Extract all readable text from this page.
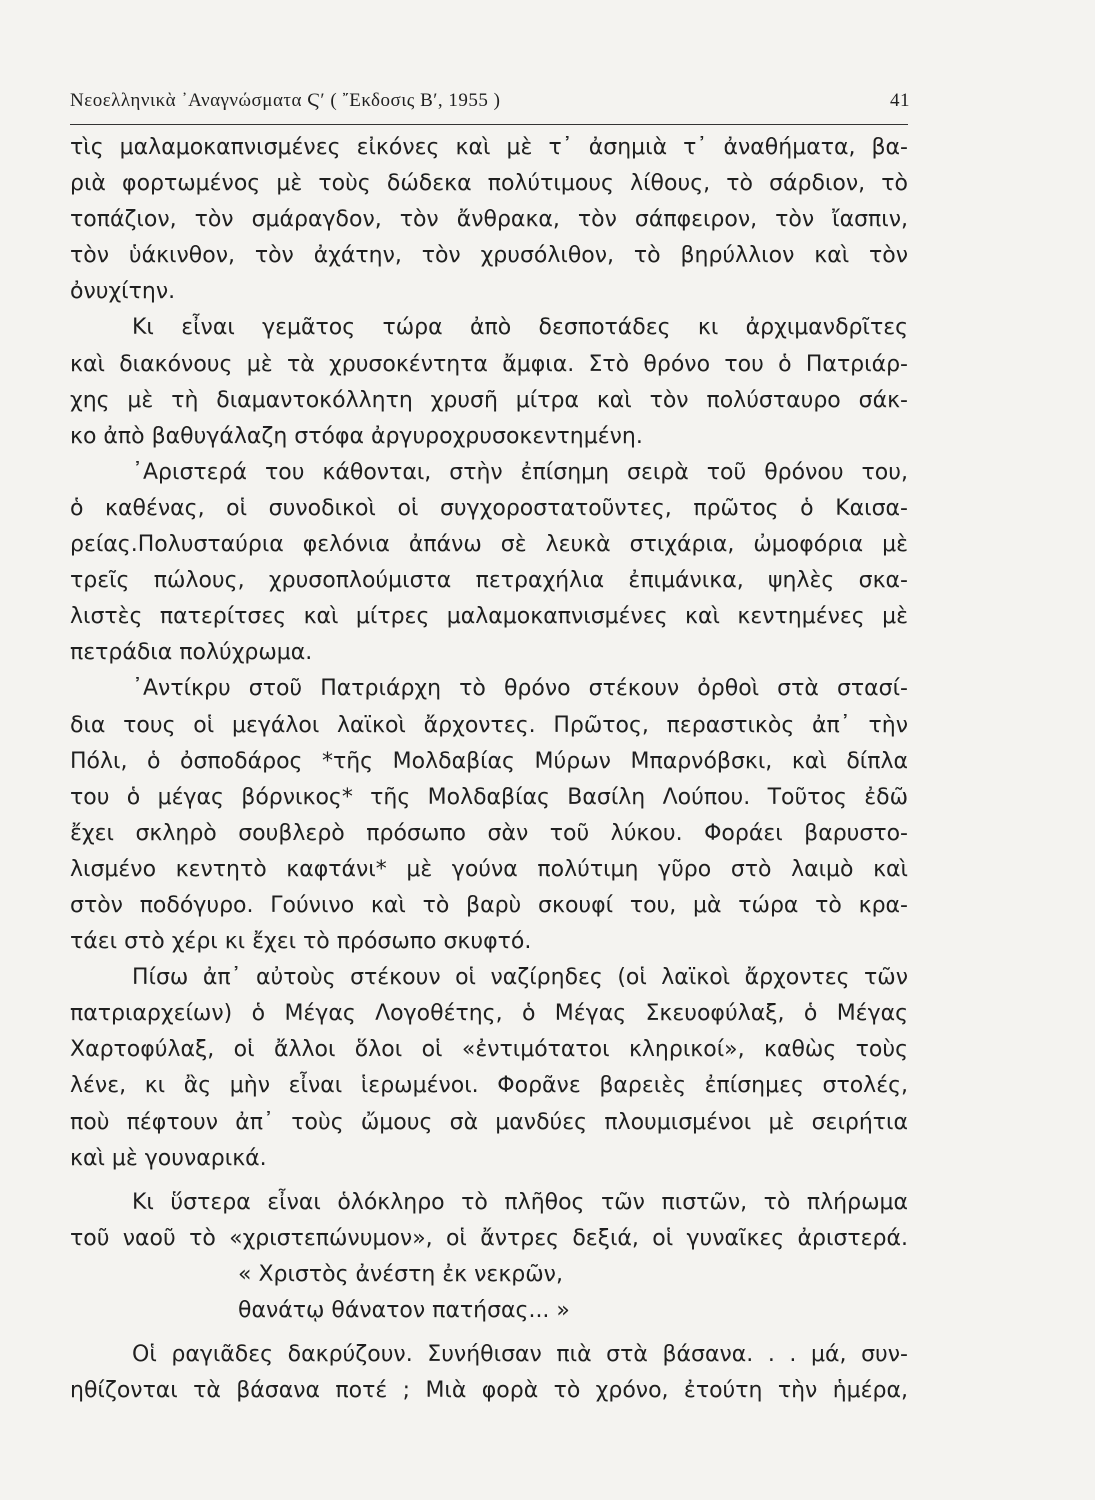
Νεοελληνικὰ ᾿Αναγνώσματα Ϛ′ ( ῎Εκδοσις Β′, 1955 )	41
τὶς μαλαμοκαπνισμένες εἰκόνες καὶ μὲ τ᾿ ἀσημιὰ τ᾿ ἀναθήματα, βα-
ριὰ φορτωμένος μὲ τοὺς δώδεκα πολύτιμους λίθους, τὸ σάρδιον, τὸ
τοπάζιον, τὸν σμάραγδον, τὸν ἄνθρακα, τὸν σάπφειρον, τὸν ἴασπιν,
τὸν ὑάκινθον, τὸν ἀχάτην, τὸν χρυσόλιθον, τὸ βηρύλλιον καὶ τὸν
ὀνυχίτην.
Κι εἶναι γεμᾶτος τώρα ἀπὸ δεσποτάδες κι ἀρχιμανδρῖτες
καὶ διακόνους μὲ τὰ χρυσοκέντητα ἄμφια. Στὸ θρόνο του ὁ Πατριάρ-
χης μὲ τὴ διαμαντοκόλλητη χρυσῆ μίτρα καὶ τὸν πολύσταυρο σάκ-
κο ἀπὸ βαθυγάλαζη στόφα ἀργυροχρυσοκεντημένη.
᾿Αριστερά του κάθονται, στὴν ἐπίσημη σειρὰ τοῦ θρόνου του,
ὁ καθένας, οἱ συνοδικοὶ οἱ συγχοροστατοῦντες, πρῶτος ὁ Καισα-
ρείας.Πολυσταύρια φελόνια ἀπάνω σὲ λευκὰ στιχάρια, ὠμοφόρια μὲ
τρεῖς πώλους, χρυσοπλούμιστα πετραχήλια ἐπιμάνικα, ψηλὲς σκα-
λιστὲς πατερίτσες καὶ μίτρες μαλαμοκαπνισμένες καὶ κεντημένες μὲ
πετράδια πολύχρωμα.
᾿Αντίκρυ στοῦ Πατριάρχη τὸ θρόνο στέκουν ὀρθοὶ στὰ στασί-
δια τους οἱ μεγάλοι λαϊκοὶ ἄρχοντες. Πρῶτος, περαστικὸς ἀπ᾿ τὴν
Πόλι, ὁ ὀσποδάρος *τῆς Μολδαβίας Μύρων Μπαρνόβσκι, καὶ δίπλα
του ὁ μέγας βόρνικος* τῆς Μολδαβίας Βασίλη Λούπου. Τοῦτος ἐδῶ
ἔχει σκληρὸ σουβλερὸ πρόσωπο σὰν τοῦ λύκου. Φοράει βαρυστο-
λισμένο κεντητὸ καφτάνι* μὲ γούνα πολύτιμη γῦρο στὸ λαιμὸ καὶ
στὸν ποδόγυρο. Γούνινο καὶ τὸ βαρὺ σκουφί του, μὰ τώρα τὸ κρα-
τάει στὸ χέρι κι ἔχει τὸ πρόσωπο σκυφτό.
Πίσω ἀπ᾿ αὐτοὺς στέκουν οἱ ναζίρηδες (οἱ λαϊκοὶ ἄρχοντες τῶν
πατριαρχείων) ὁ Μέγας Λογοθέτης, ὁ Μέγας Σκευοφύλαξ, ὁ Μέγας
Χαρτοφύλαξ, οἱ ἄλλοι ὅλοι οἱ «ἐντιμότατοι κληρικοί», καθὼς τοὺς
λένε, κι ἂς μὴν εἶναι ἱερωμένοι. Φορᾶνε βαρειὲς ἐπίσημες στολές,
ποὺ πέφτουν ἀπ᾿ τοὺς ὤμους σὰ μανδύες πλουμισμένοι μὲ σειρήτια
καὶ μὲ γουναρικά.
Κι ὕστερα εἶναι ὁλόκληρο τὸ πλῆθος τῶν πιστῶν, τὸ πλήρωμα
τοῦ ναοῦ τὸ «χριστεπώνυμον», οἱ ἄντρες δεξιά, οἱ γυναῖκες ἀριστερά.
« Χριστὸς ἀνέστη ἐκ νεκρῶν,
θανάτῳ θάνατον πατήσας... »
Οἱ ραγιᾶδες δακρύζουν. Συνήθισαν πιὰ στὰ βάσανα. . . μά, συν-
ηθίζονται τὰ βάσανα ποτέ ; Μιὰ φορὰ τὸ χρόνο, ἐτούτη τὴν ἡμέρα,
